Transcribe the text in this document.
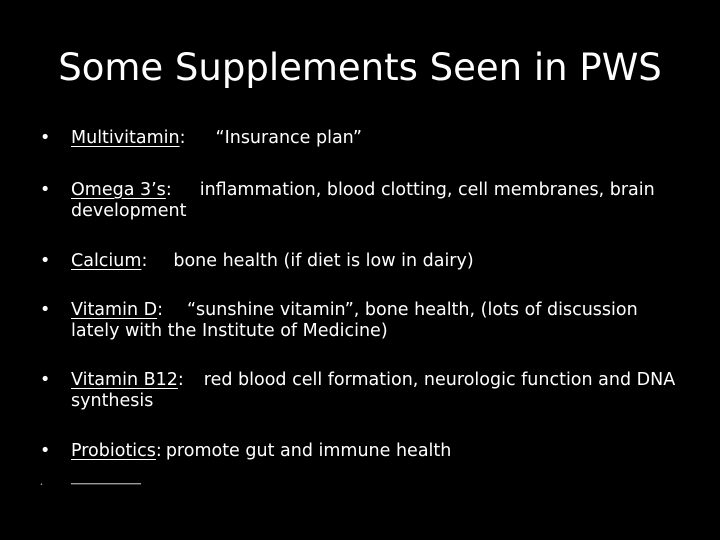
Some Supplements Seen in PWS
•	Multivitamin: “Insurance plan”
•	Omega 3’s: inflammation, blood clotting, cell membranes, brain development
•	Calcium: bone health (if diet is low in dairy)
•	Vitamin D: “sunshine vitamin”, bone health, (lots of discussion lately with the Institute of Medicine)
•	Vitamin B12: red blood cell formation, neurologic function and DNA synthesis
•	Probiotics: promote gut and immune health
•
